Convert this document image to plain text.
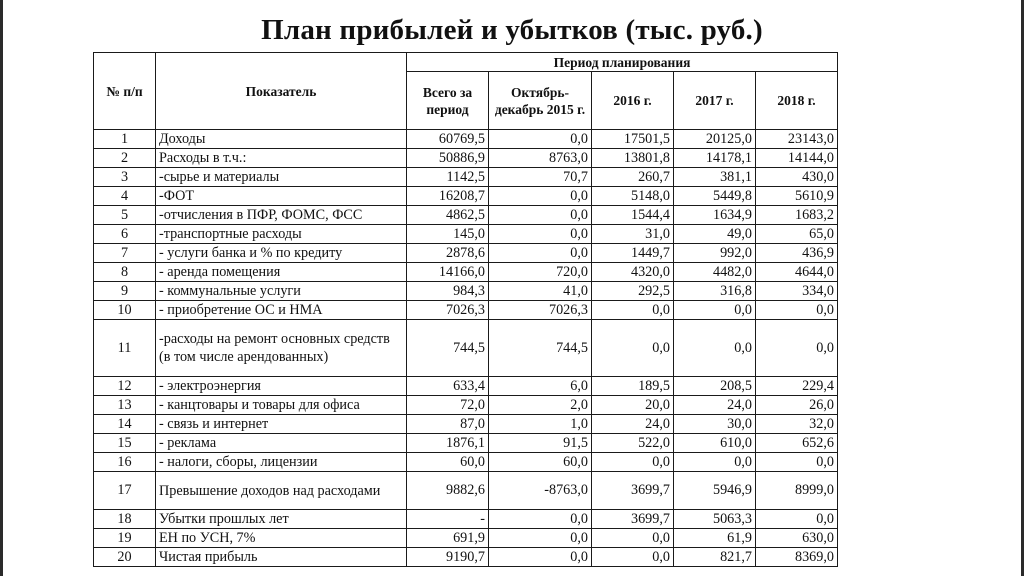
План прибылей и убытков (тыс. руб.)
№ п/п	Показатель	Период планирования				
		Всего за период	Октябрь-декабрь 2015 г.	2016 г.	2017 г.	2018 г.
1	Доходы	60769,5	0,0	17501,5	20125,0	23143,0
2	Расходы в т.ч.:	50886,9	8763,0	13801,8	14178,1	14144,0
3	-сырье и материалы	1142,5	70,7	260,7	381,1	430,0
4	-ФОТ	16208,7	0,0	5148,0	5449,8	5610,9
5	-отчисления в ПФР, ФОМС, ФСС	4862,5	0,0	1544,4	1634,9	1683,2
6	-транспортные расходы	145,0	0,0	31,0	49,0	65,0
7	- услуги банка и % по кредиту	2878,6	0,0	1449,7	992,0	436,9
8	- аренда помещения	14166,0	720,0	4320,0	4482,0	4644,0
9	- коммунальные услуги	984,3	41,0	292,5	316,8	334,0
10	- приобретение ОС и НМА	7026,3	7026,3	0,0	0,0	0,0
11	-расходы на ремонт основных средств (в том числе арендованных)	744,5	744,5	0,0	0,0	0,0
12	- электроэнергия	633,4	6,0	189,5	208,5	229,4
13	- канцтовары и товары для офиса	72,0	2,0	20,0	24,0	26,0
14	- связь и интернет	87,0	1,0	24,0	30,0	32,0
15	- реклама	1876,1	91,5	522,0	610,0	652,6
16	- налоги, сборы, лицензии	60,0	60,0	0,0	0,0	0,0
17	Превышение доходов над расходами	9882,6	-8763,0	3699,7	5946,9	8999,0
18	Убытки прошлых лет	-	0,0	3699,7	5063,3	0,0
19	ЕН по УСН, 7%	691,9	0,0	0,0	61,9	630,0
20	Чистая прибыль	9190,7	0,0	0,0	821,7	8369,0
